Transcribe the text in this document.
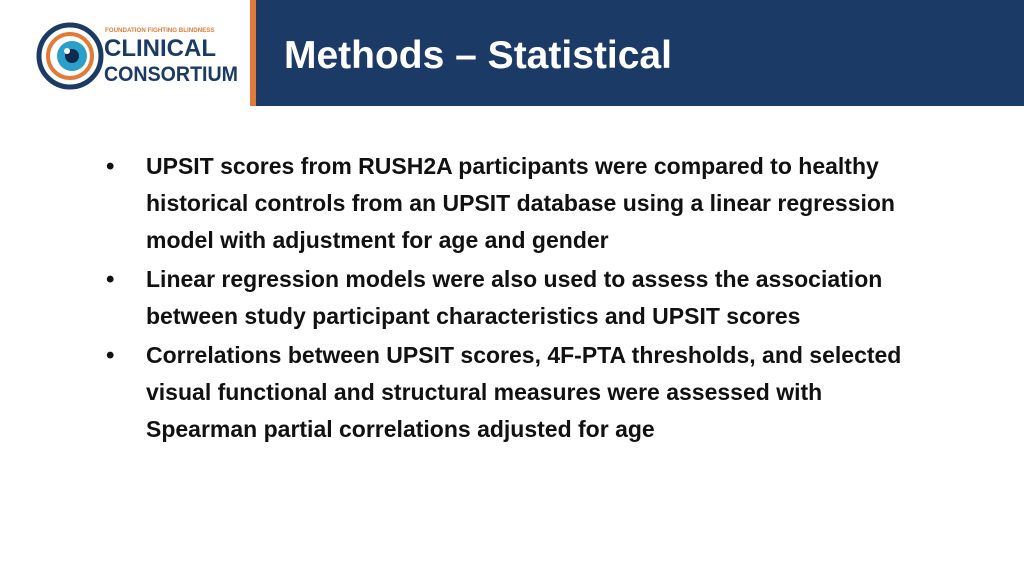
FOUNDATION FIGHTING BLINDNESS
CLINICAL
CONSORTIUM Methods – Statistical
• UPSIT scores from RUSH2A participants were compared to healthy historical controls from an UPSIT database using a linear regression model with adjustment for age and gender
• Linear regression models were also used to assess the association between study participant characteristics and UPSIT scores
• Correlations between UPSIT scores, 4F-PTA thresholds, and selected visual functional and structural measures were assessed with Spearman partial correlations adjusted for age
